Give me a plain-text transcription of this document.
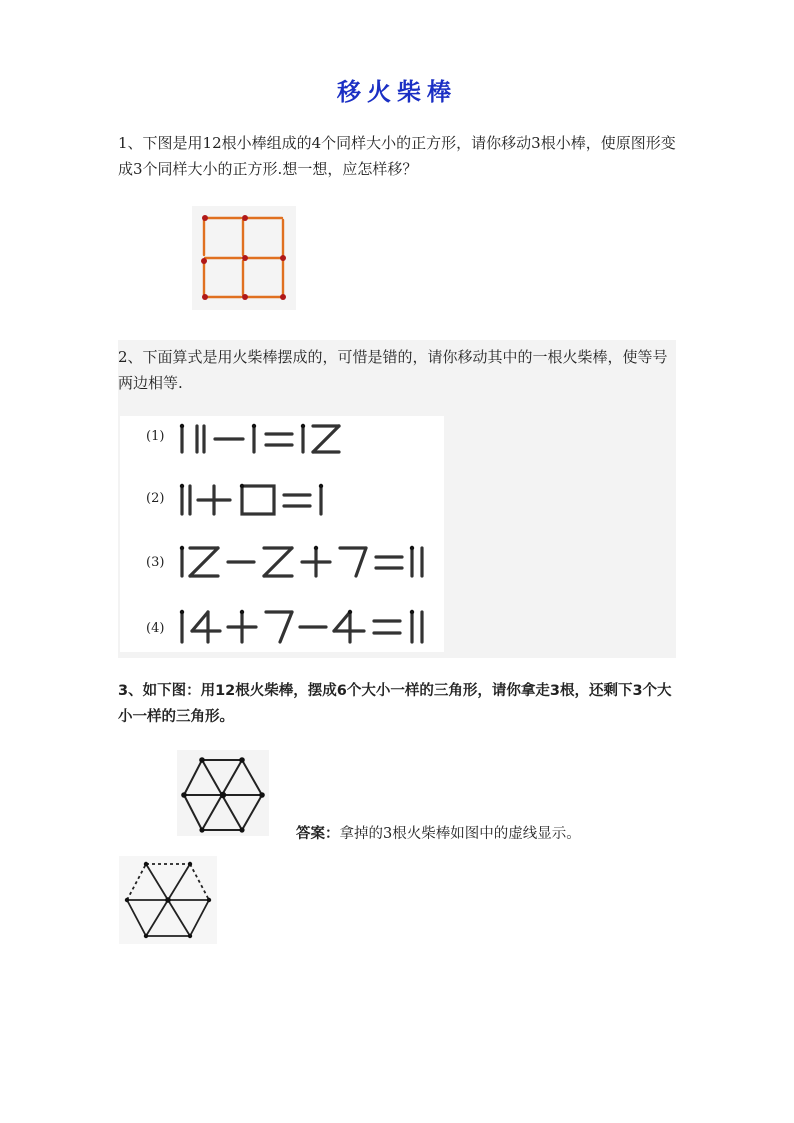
移火柴棒
1、下图是用12根小棒组成的4个同样大小的正方形，请你移动3根小棒，使原图形变成3个同样大小的正方形.想一想，应怎样移？
2、下面算式是用火柴棒摆成的，可惜是错的，请你移动其中的一根火柴棒，使等号两边相等.
(1)
(2)
(3)
(4)
3、如下图：用12根火柴棒，摆成6个大小一样的三角形，请你拿走3根，还剩下3个大小一样的三角形。
答案：拿掉的3根火柴棒如图中的虚线显示。
